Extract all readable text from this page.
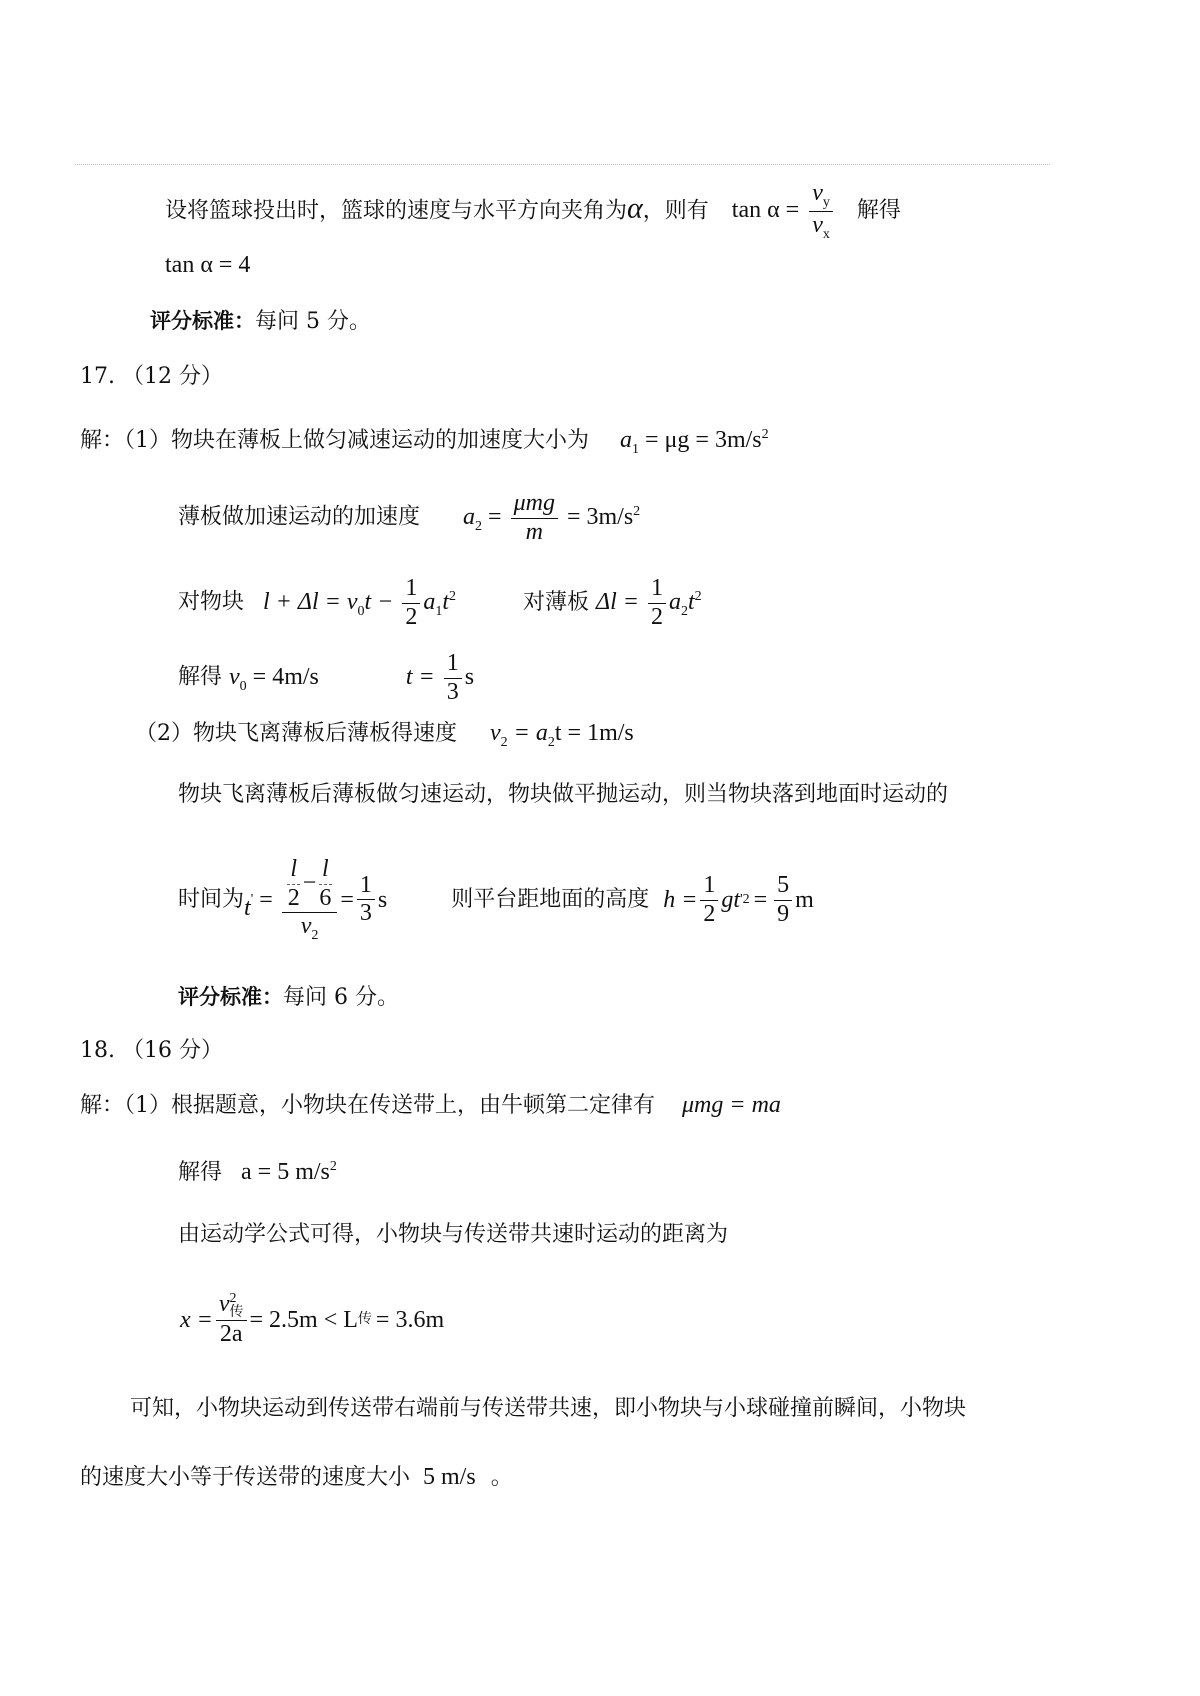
设将篮球投出时，篮球的速度与水平方向夹角为α，则有 $\tan \alpha = \frac{v_y}{v_x}$ 解得
tan α = 4
评分标准：每问 5 分。
17. （12 分）
解：（1）物块在薄板上做匀减速运动的加速度大小为 $a_1 = \mu g = 3m/s^2$
薄板做加速运动的加速度 $a_2 = \frac{\text{μmg}}{m} = 3m/s^2$
对物块 $l + \Delta l = v_0t - \frac{1}{2} a_1t^2$	对薄板 $\Delta l = \frac{1}{2} a_2t^2$
解得 $v_0 = 4m/s$	$t = \frac{1}{3}$ s
（2）物块飞离薄板后薄板得速度 $v_2 = a_2t = 1m/s$
物块飞离薄板后薄板做匀速运动，物块做平抛运动，则当物块落到地面时运动的
时间为 $t' = \frac{\frac{l}{2} - \frac{l}{6}}{v_2} = \frac{1}{3}$ s	则平台距地面的高度 $h = \frac{1}{2}$ gt '$2 = \frac{5}{9}$ m
评分标准：每问 6 分。
18. （16 分）
解：（1）根据题意，小物块在传送带上，由牛顿第二定律有 μmg = ma
解得 a = 5 $m/s^2$
由运动学公式可得，小物块与传送带共速时运动的距离为
x = v 2
传
2a = 2.5m < L 传 = 3.6m
可知，小物块运动到传送带右端前与传送带共速，即小物块与小球碰撞前瞬间，小物块
的速度大小等于传送带的速度大小 5 m/s 。
